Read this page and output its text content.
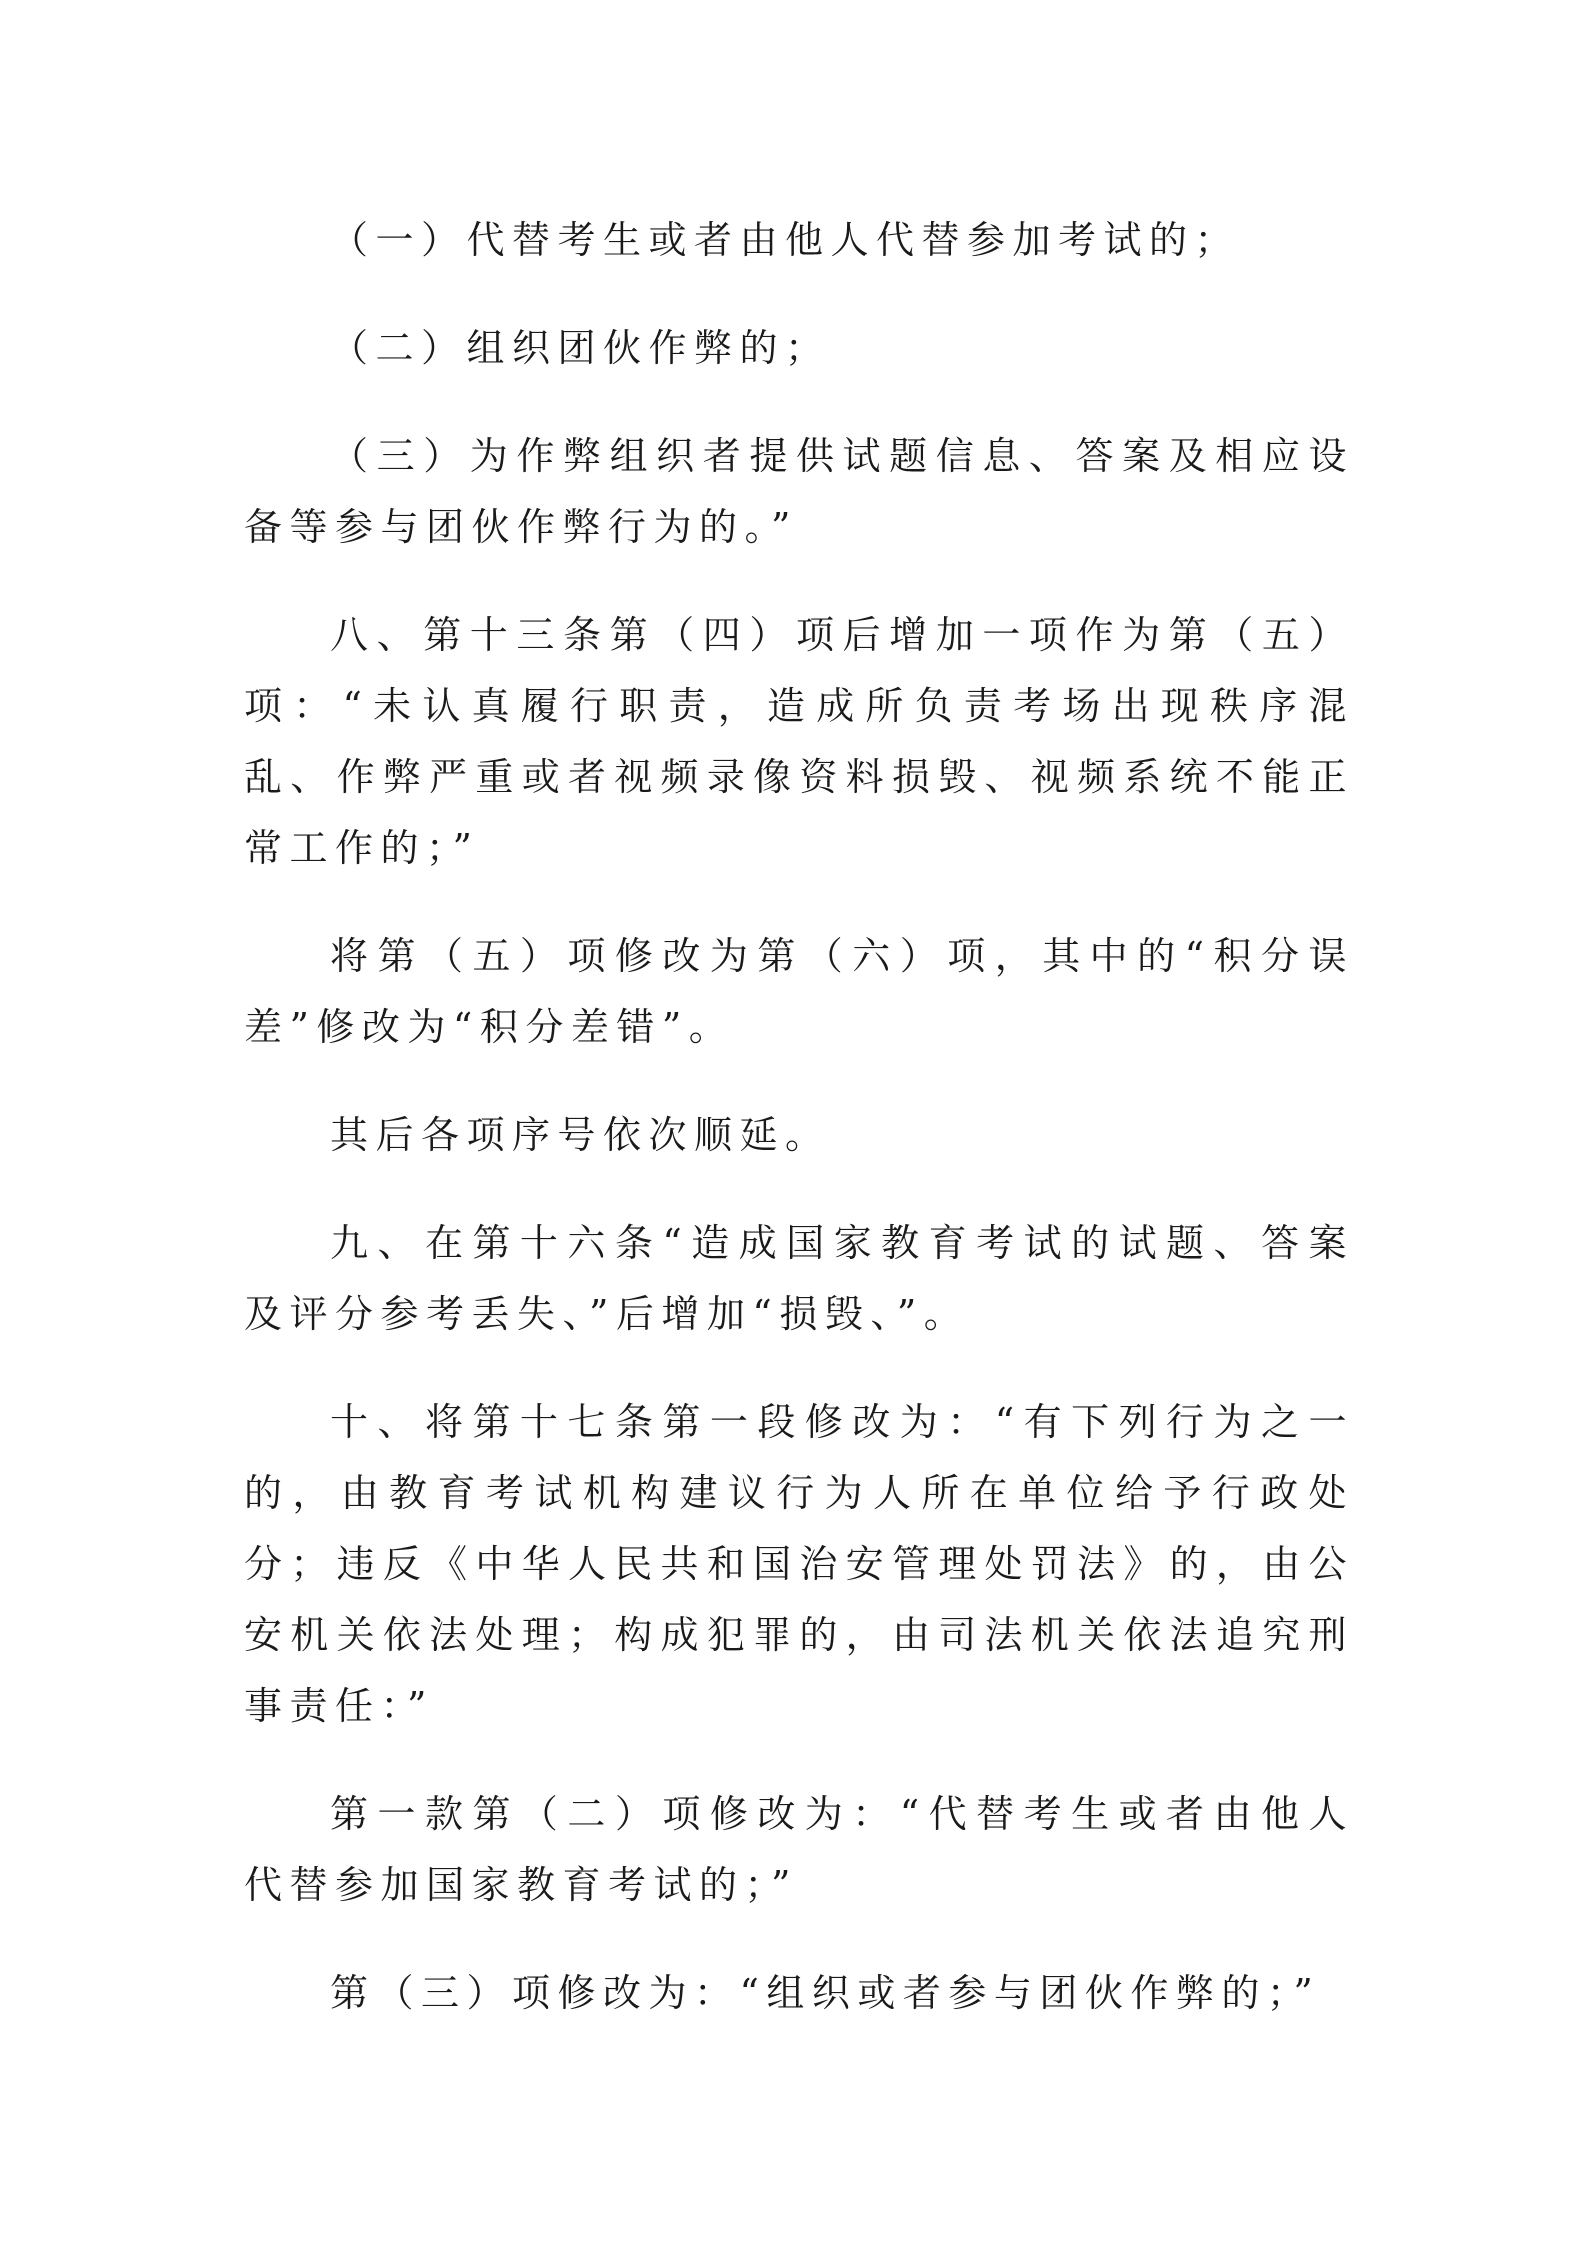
（一）代替考生或者由他人代替参加考试的；

（二）组织团伙作弊的；

（三）为作弊组织者提供试题信息、答案及相应设备等参与团伙作弊行为的。”

八、第十三条第（四）项后增加一项作为第（五）项：“未认真履行职责，造成所负责考场出现秩序混乱、作弊严重或者视频录像资料损毁、视频系统不能正常工作的；”

将第（五）项修改为第（六）项，其中的“积分误差”修改为“积分差错”。

其后各项序号依次顺延。

九、在第十六条“造成国家教育考试的试题、答案及评分参考丢失、”后增加“损毁、”。

十、将第十七条第一段修改为：“有下列行为之一的，由教育考试机构建议行为人所在单位给予行政处分；违反《中华人民共和国治安管理处罚法》的，由公安机关依法处理；构成犯罪的，由司法机关依法追究刑事责任：”

第一款第（二）项修改为：“代替考生或者由他人代替参加国家教育考试的；”

第（三）项修改为：“组织或者参与团伙作弊的；”
